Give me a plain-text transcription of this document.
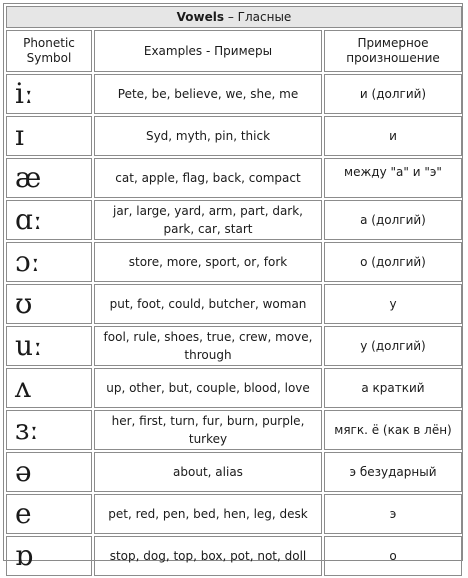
Vowels – Гласные		
Phonetic Symbol	Examples - Примеры	Примерное произношение
iː	Pete, be, believe, we, she, me	и (долгий)
ɪ	Syd, myth, pin, thick	и
æ	cat, apple, flag, back, compact	между "а" и "э"
ɑː	jar, large, yard, arm, part, dark, park, car, start	а (долгий)
ɔː	store, more, sport, or, fork	о (долгий)
ʊ	put, foot, could, butcher, woman	у
uː	fool, rule, shoes, true, crew, move, through	у (долгий)
ʌ	up, other, but, couple, blood, love	а краткий
ɜː	her, first, turn, fur, burn, purple, turkey	мягк. ё (как в лён)
ə	about, alias	э безударный
e	pet, red, pen, bed, hen, leg, desk	э
ɒ	stop, dog, top, box, pot, not, doll	о
